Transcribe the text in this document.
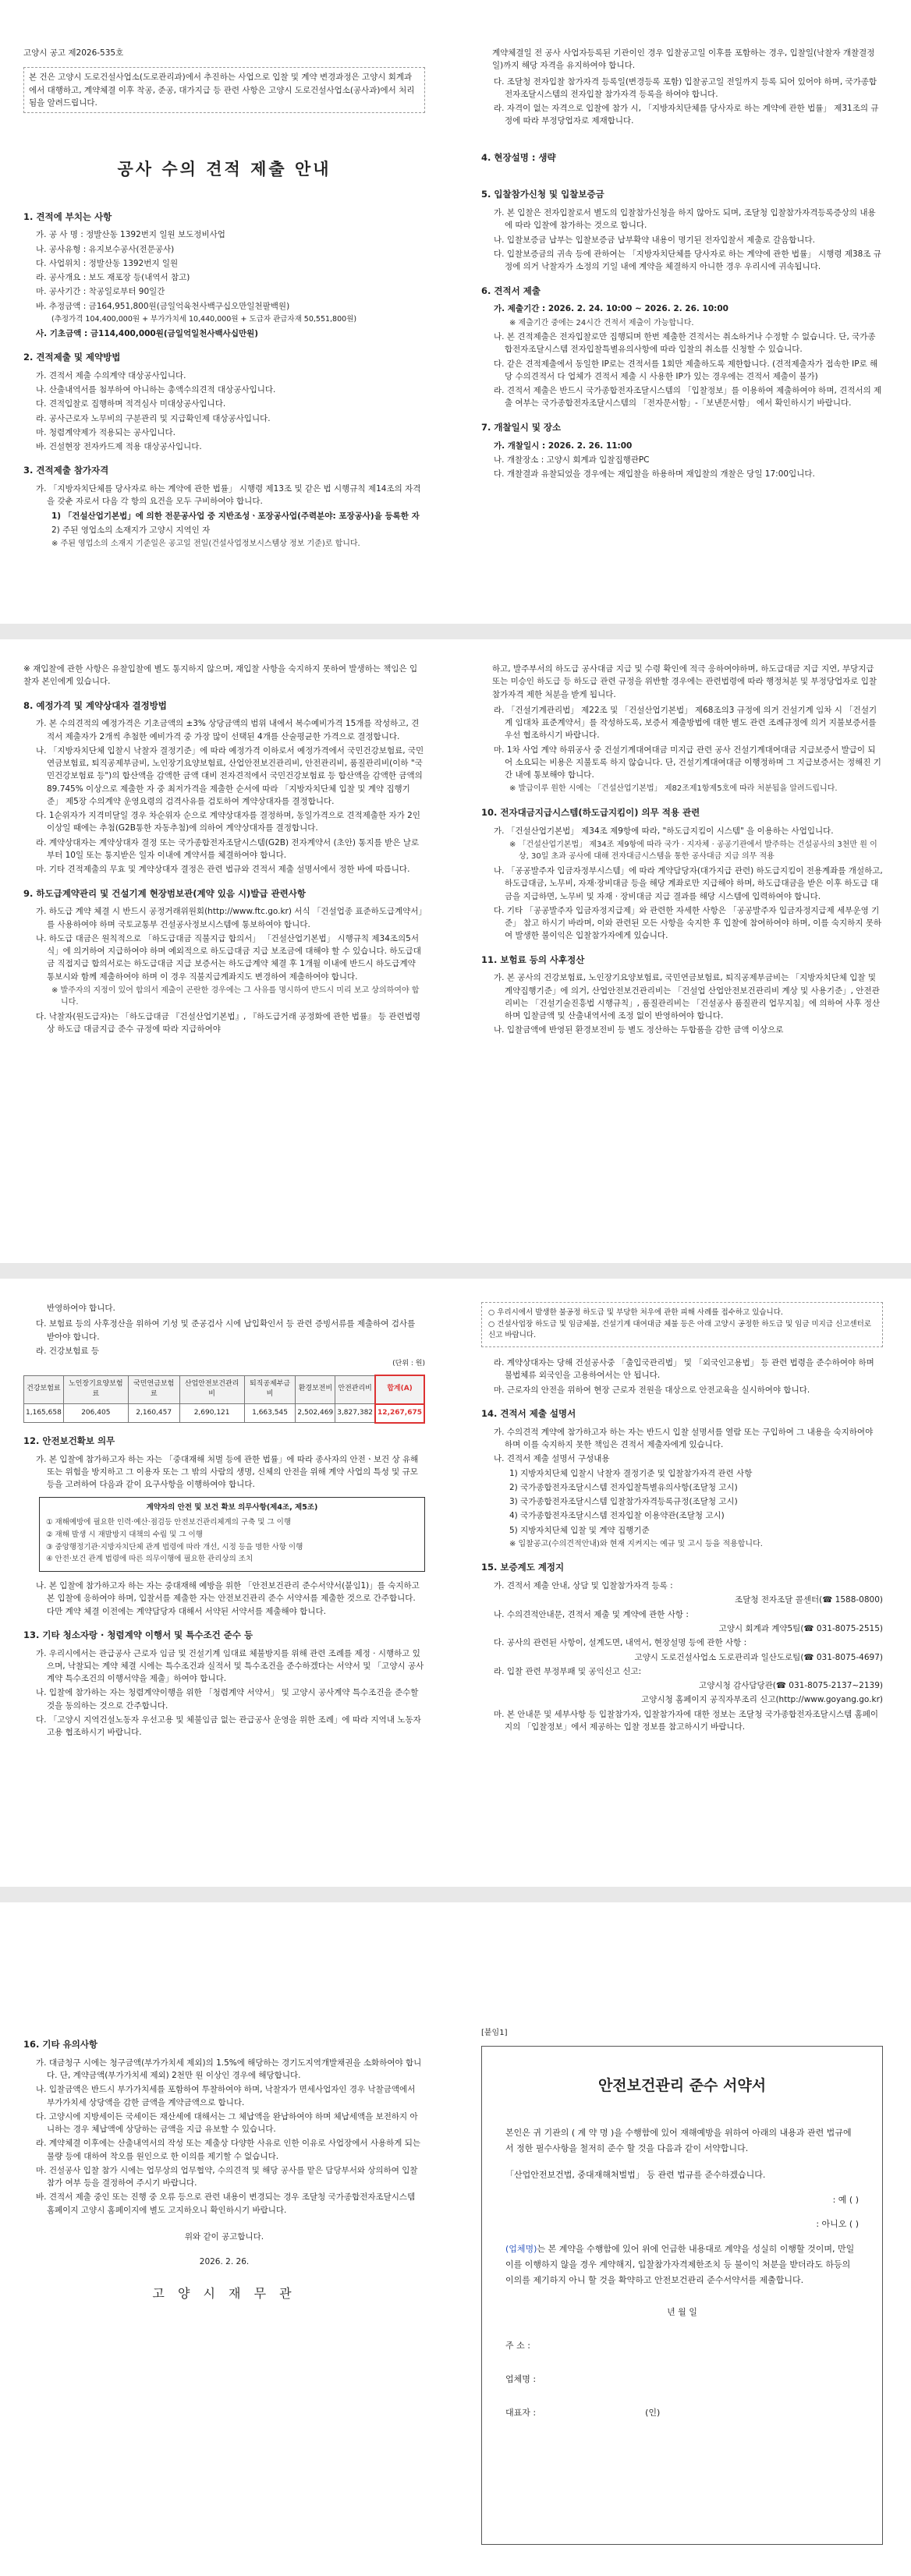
고양시 공고 제2026-535호
본 건은 고양시 도로건설사업소(도로관리과)에서 추진하는 사업으로 입찰 및 계약 변경과정은 고양시 회계과에서 대행하고, 계약체결 이후 착공, 준공, 대가지급 등 관련 사항은 고양시 도로건설사업소(공사과)에서 처리됨을 알려드립니다.
공사 수의 견적 제출 안내
1. 견적에 부치는 사항
가. 공 사 명 : 정발산동 1392번지 일원 보도정비사업
나. 공사유형 : 유지보수공사(전문공사)
다. 사업위치 : 정발산동 1392번지 일원
라. 공사개요 : 보도 재포장 등(내역서 참고)
마. 공사기간 : 착공일로부터 90일간
바. 추정금액 : 금164,951,800원(금일억육천사백구십오만일천팔백원)
(추정가격 104,400,000원 + 부가가치세 10,440,000원 + 도급자 관급자재 50,551,800원)
사. 기초금액 : 금114,400,000원(금일억일천사백사십만원)
2. 견적제출 및 제약방법
가. 견적서 제출 수의계약 대상공사입니다.
나. 산출내역서를 첨부하여 아니하는 총액수의견적 대상공사입니다.
다. 견적입찰로 집행하며 적격심사 미대상공사입니다.
라. 공사근로자 노무비의 구분관리 및 지급확인제 대상공사입니다.
마. 청렴계약제가 적용되는 공사입니다.
바. 건설현장 전자카드제 적용 대상공사입니다.
3. 견적제출 참가자격
가. 「지방자치단체를 당사자로 하는 계약에 관한 법률」 시행령 제13조 및 같은 법 시행규칙 제14조의 자격을 갖춘 자로서 다음 각 항의 요건을 모두 구비하여야 합니다.
1) 「건설산업기본법」에 의한 전문공사업 중 지반조성ㆍ포장공사업(주력분야: 포장공사)을 등록한 자
2) 주된 영업소의 소재지가 고양시 지역인 자
※ 주된 영업소의 소재지 기준일은 공고일 전일(건설사업정보시스템상 정보 기준)로 합니다.
계약체결일 전 공사 사업자등록된 기관이인 경우 입찰공고일 이후를 포함하는 경우, 입찰일(낙찰자 개찰결정일)까지 해당 자격을 유지하여야 합니다.
다. 조달청 전자입찰 참가자격 등록일(변경등록 포함) 입찰공고일 전일까지 등록 되어 있어야 하며, 국가종합전자조달시스템의 전자입찰 참가자격 등록을 하여야 합니다.
라. 자격이 없는 자격으로 입찰에 참가 시, 「지방자치단체를 당사자로 하는 계약에 관한 법률」 제31조의 규정에 따라 부정당업자로 제재합니다.
4. 현장설명 : 생략
5. 입찰참가신청 및 입찰보증금
가. 본 입찰은 전자입찰로서 별도의 입찰참가신청을 하지 않아도 되며, 조달청 입찰참가자격등록증상의 내용에 따라 입찰에 참가하는 것으로 합니다.
나. 입찰보증금 납부는 입찰보증금 납부확약 내용이 명기된 전자입찰서 제출로 갈음합니다.
다. 입찰보증금의 귀속 등에 관하여는 「지방자치단체를 당사자로 하는 계약에 관한 법률」 시행령 제38조 규정에 의거 낙찰자가 소정의 기일 내에 계약을 체결하지 아니한 경우 우리시에 귀속됩니다.
6. 견적서 제출
가. 제출기간 : 2026. 2. 24. 10:00 ~ 2026. 2. 26. 10:00
※ 제출기간 중에는 24시간 견적서 제출이 가능합니다.
나. 본 견적제출은 전자입찰로만 집행되며 한번 제출한 견적서는 취소하거나 수정할 수 없습니다. 단, 국가종합전자조달시스템 전자입찰특별유의사항에 따라 입찰의 취소를 신청할 수 있습니다.
다. 같은 견적제출에서 동일한 IP로는 견적서를 1회만 제출하도록 제한합니다. (견적제출자가 접속한 IP로 해당 수의견적서 다 업체가 견적서 제출 시 사용한 IP가 있는 경우에는 견적서 제출이 불가)
라. 견적서 제출은 반드시 국가종합전자조달시스템의 「입찰정보」를 이용하여 제출하여야 하며, 견적서의 제출 여부는 국가종합전자조달시스템의 「전자문서함」-「보낸문서함」 에서 확인하시기 바랍니다.
7. 개찰일시 및 장소
가. 개찰일시 : 2026. 2. 26. 11:00
나. 개찰장소 : 고양시 회계과 입찰집행관PC
다. 개찰결과 유찰되었을 경우에는 재입찰을 하용하며 재입찰의 개찰은 당일 17:00입니다.
※ 재입찰에 관한 사항은 유찰입찰에 별도 통지하지 않으며, 재입찰 사항을 숙지하지 못하여 발생하는 책임은 입찰자 본인에게 있습니다.
8. 예정가격 및 계약상대자 결정방법
가. 본 수의견적의 예정가격은 기초금액의 ±3% 상당금액의 범위 내에서 복수예비가격 15개를 작성하고, 견적서 제출자가 2개씩 추첨한 예비가격 중 가장 많이 선택된 4개를 산술평균한 가격으로 결정합니다.
나. 「지방자치단체 입찰시 낙찰자 결정기준」에 따라 예정가격 이하로서 예정가격에서 국민건강보험료, 국민연금보험료, 퇴직공제부금비, 노인장기요양보험료, 산업안전보건관리비, 안전관리비, 품질관리비(이하 "국민건강보험료 등")의 합산액을 감액한 금액 대비 전자견적에서 국민건강보험료 등 합산액을 감액한 금액의 89.745% 이상으로 제출한 자 중 최저가격을 제출한 순서에 따라 「지방자치단체 입찰 및 계약 집행기준」 제5장 수의계약 운영요령의 검격사유를 검토하여 계약상대자를 결정합니다.
다. 1순위자가 지격미달일 경우 차순위자 순으로 계약상대자를 결정하며, 동일가격으로 견적제출한 자가 2인 이상일 때에는 추첨(G2B통한 자동추첨)에 의하여 계약상대자를 결정합니다.
라. 계약상대자는 계약상대자 결정 또는 국가종합전자조달시스템(G2B) 전자계약서 (초안) 통지를 받은 날로부터 10일 또는 통지받은 일자 이내에 계약서를 체결하여야 합니다.
마. 기타 견적제출의 무효 및 계약상대자 결정은 관련 법규와 견적서 제출 설명서에서 정한 바에 따릅니다.
9. 하도급계약관리 및 건설기계 현장범보관(계약 있음 시)발급 관련사항
가. 하도급 계약 체결 시 반드시 공정거래위원회(http://www.ftc.go.kr) 서식 「건설업종 표준하도급계약서」를 사용하여야 하며 국토교통부 건설공사정보시스템에 통보하여야 합니다.
나. 하도급 대금은 원칙적으로 「하도급대금 직불지급 합의서」 「건설산업기본법」 시행규칙 제34조의5서식」에 의거하여 지급하여야 하며 예외적으로 하도급대금 지급 보조금에 대해야 할 수 있습니다. 하도급대금 직접지급 합의서로는 하도급대금 지급 보증서는 하도급계약 체결 후 1개월 이내에 반드시 하도급계약 통보시와 함께 제출하여야 하며 이 경우 직불지급계좌지도 변경하여 제출하여야 합니다.
※ 발주자의 지정이 있어 합의서 제출이 곤란한 경우에는 그 사유를 명시하여 반드시 미리 보고 상의하여야 합니다.
다. 낙찰자(원도급자)는 「하도급대금 『건설산업기본법』, 『하도급거래 공정화에 관한 법률』 등 관련법령상 하도급 대금지급 준수 규정에 따라 지급하여야
하고, 발주부서의 하도급 공사대금 지급 및 수령 확인에 적극 응하여야하며, 하도급대금 지급 지연, 부당지급 또는 미승인 하도급 등 하도급 관련 규정을 위반할 경우에는 관련법령에 따라 행정처분 및 부정당업자로 입찰참가자격 제한 처분을 받게 됩니다.
라. 「건설기계관리법」 제22조 및 「건설산업기본법」 제68조의3 규정에 의거 건설기계 임차 시 「건설기계 임대차 표준계약서」를 작성하도록, 보증서 제출방법에 대한 별도 관련 조례규정에 의거 지불보증서를 우선 협조하시기 바랍니다.
마. 1차 사업 계약 하위공사 중 건설기계대여대금 미지급 관련 공사 건설기계대여대금 지급보증서 발급이 되어 소요되는 비용은 지불토록 하지 않습니다. 단, 건설기계대여대금 이행정하며 그 지급보증서는 정해진 기간 내에 통보해야 합니다.
※ 발급이루 원한 시에는 「건설산업기본법」 제82조제1항제5호에 따라 처분됨을 알려드립니다.
10. 전자대금지급시스템(하도급지킴이) 의무 적용 관련
가. 「건설산업기본법」 제34조 제9항에 따라, "하도급지킴이 시스템" 을 이용하는 사업입니다.
※ 「건설산업기본법」 제34조 제9항에 따라 국가 · 지자체 · 공공기관에서 발주하는 건설공사의 3천만 원 이상, 30일 초과 공사에 대해 전자대금시스템을 통한 공사대금 지급 의무 적용
나. 「공공발주자 입금자정부시스템」에 따라 계약담당자(대가지급 관련) 하도급지킴이 전용계좌를 개설하고, 하도급대금, 노무비, 자재·장비대금 등을 해당 계좌로만 지급해야 하며, 하도급대금을 받은 이후 하도급 대금을 지급하면, 노무비 및 자재 · 장비대금 지급 결과를 해당 시스템에 입력하여야 합니다.
다. 기타 「공공발주자 입금자정지급제」와 관련한 자세한 사항은 「공공발주자 입금자정지급제 세부운영 기준」 참고 하시기 바라며, 이와 관련된 모든 사항을 숙지한 후 입찰에 참여하여야 하며, 이를 숙지하지 못하여 발생한 불이익은 입찰참가자에게 있습니다.
11. 보험료 등의 사후정산
가. 본 공사의 건강보험료, 노인장기요양보험료, 국민연금보험료, 퇴직공제부금비는 「지방자치단체 입찰 및 계약집행기준」에 의거, 산업안전보건관리비는 「건설업 산업안전보건관리비 계상 및 사용기준」, 안전관리비는 「건설기술진흥법 시행규칙」, 품질관리비는 「건설공사 품질관리 업무지침」에 의하여 사후 정산하며 입찰금액 및 산출내역서에 조정 없이 반영하여야 합니다.
나. 입찰금액에 반영된 환경보전비 등 별도 정산하는 두합품을 감한 금액 이상으로
반영하여야 합니다.
다. 보험료 등의 사후정산을 위하여 기성 및 준공검사 시에 납입확인서 등 관련 증빙서류를 제출하여 검사를 받아야 합니다.
라. 건강보험료 등
(단위 : 원)
건강보험료	노인장기요양보험료	국민연금보험료	산업안전보건관리비	퇴직공제부금비	환경보전비	안전관리비	합계(A)
1,165,658	206,405	2,160,457	2,690,121	1,663,545	2,502,469	3,827,382	12,267,675
12. 안전보건확보 의무
가. 본 입찰에 참가하고자 하는 자는 「중대재해 처벌 등에 관한 법률」에 따라 종사자의 안전ㆍ보건 상 유해 또는 위험을 방지하고 그 이용자 또는 그 밖의 사람의 생명, 신체의 안전을 위해 계약 사업의 특성 및 규모 등을 고려하여 다음과 같이 요구사항을 이행하여야 합니다.
계약자의 안전 및 보건 확보 의무사항(제4조, 제5조)
① 재해예방에 필요한 인력·예산·점검등 안전보건관리체계의 구축 및 그 이행
② 재해 발생 시 재발방지 대책의 수립 및 그 이행
③ 중앙행정기관·지방자치단체 관계 법령에 따라 개선, 시정 등을 명한 사항 이행
④ 안전·보건 관계 법령에 따른 의무이행에 필요한 관리상의 조치
나. 본 입찰에 참가하고자 하는 자는 중대재해 예방을 위한 「안전보건관리 준수서약서(붙임1)」를 숙지하고 본 입찰에 응하여야 하며, 입찰서를 제출한 자는 안전보건관리 준수 서약서를 제출한 것으로 간주합니다. 다만 계약 체결 이전에는 계약담당자 대해서 서약된 서약서를 제출해야 합니다.
13. 기타 청소자랑 · 청렴계약 이행서 및 특수조건 준수 등
가. 우리시에서는 관급공사 근로자 임금 및 건설기계 임대료 체불방지를 위해 관련 조례를 제정 · 시행하고 있으며, 낙찰되는 계약 체결 시에는 특수조건과 실적서 및 특수조건을 준수하겠다는 서약서 및 「고양시 공사계약 특수조건의 이행서약을 제출」하여야 합니다.
나. 입찰에 참가하는 자는 청렴계약이행을 위한 「청렴계약 서약서」 및 고양시 공사계약 특수조건을 준수할 것을 동의하는 것으로 간주합니다.
다. 「고양시 지역건설노동자 우선고용 및 체불임금 없는 관급공사 운영을 위한 조례」에 따라 지역내 노동자 고용 협조하시기 바랍니다.
○ 우리시에서 발생한 불공정 하도급 및 부당한 처우에 관한 피해 사례를 접수하고 있습니다.
○ 건설사업장 하도급 및 임금체불, 건설기계 대여대금 체불 등은 아래 고양시 공정한 하도급 및 임금 미지급 신고센터로 신고 바랍니다.
라. 계약상대자는 당해 건설공사중 「출입국관리법」 및 「외국인고용법」 등 관련 법령을 준수하여야 하며 불법체류 외국인을 고용하여서는 안 됩니다.
마. 근로자의 안전을 위하여 현장 근로자 전원을 대상으로 안전교육을 실시하여야 합니다.
14. 견적서 제출 설명서
가. 수의견적 계약에 참가하고자 하는 자는 반드시 입찰 설명서를 열람 또는 구입하여 그 내용을 숙지하여야 하며 이를 숙지하지 못한 책임은 견적서 제출자에게 있습니다.
나. 견적서 제출 설명서 구성내용
1) 지방자치단체 입찰시 낙찰자 결정기준 및 입찰참가자격 관련 사항
2) 국가종합전자조달시스템 전자입찰특별유의사항(조달청 고시)
3) 국가종합전자조달시스템 입찰참가자격등록규정(조달청 고시)
4) 국가종합전자조달시스템 전자입찰 이용약관(조달청 고시)
5) 지방자치단체 입찰 및 계약 집행기준
※ 입찰공고(수의견적안내)와 현재 지켜지는 예규 및 고시 등을 적용합니다.
15. 보증계도 계정지
가. 견적서 제출 안내, 상담 및 입찰참가자격 등록 :
조달청 전자조달 콜센터(☎ 1588-0800)
나. 수의견적안내문, 견적서 제출 및 계약에 관한 사항 :
고양시 회계과 계약5팀(☎ 031-8075-2515)
다. 공사의 관련된 사항이, 설계도면, 내역서, 현장설명 등에 관한 사항 :
고양시 도로건설사업소 도로관리과 일산도로팀(☎ 031-8075-4697)
라. 입찰 관련 부정부패 및 공익신고 신고:
고양시청 감사담당관(☎ 031-8075-2137~2139)
고양시청 홈페이지 공직자부조리 신고(http://www.goyang.go.kr)
마. 본 안내문 및 세부사항 등 입찰참가자, 입찰참가자에 대한 정보는 조달청 국가종합전자조달시스템 홈페이지의 「입찰정보」에서 제공하는 입찰 정보를 참고하시기 바랍니다.
16. 기타 유의사항
가. 대금청구 시에는 청구금액(부가가치세 제외)의 1.5%에 해당하는 경기도지역개발채권을 소화하여야 합니다. 단, 계약금액(부가가치세 제외) 2천만 원 이상인 경우에 해당합니다.
나. 입찰금액은 반드시 부가가치세를 포함하여 투찰하여야 하며, 낙찰자가 면세사업자인 경우 낙찰금액에서 부가가치세 상당액을 감한 금액을 계약금액으로 합니다.
다. 고양시에 지방세이든 국세이든 재산세에 대해서는 그 체납액을 완납하여야 하며 체납세액을 보전하지 아니하는 경우 체납액에 상당하는 금액을 지급 유보할 수 있습니다.
라. 계약체결 이후에는 산출내역서의 작성 또는 제출상 다양한 사유로 인한 이유로 사업장에서 사용하게 되는 물량 등에 대하여 착오를 원인으로 한 이의를 제기할 수 없습니다.
마. 건설공사 입찰 참가 시에는 업무상의 업무협약, 수의견적 및 해당 공사를 맡은 담당부서와 상의하여 입찰참가 여부 등을 결정하여 주시기 바랍니다.
바. 견적서 제출 중인 또는 진행 중 오류 등으로 관련 내용이 변경되는 경우 조달청 국가종합전자조달시스템 홈페이지 고양시 홈페이지에 별도 고지하오니 확인하시기 바랍니다.
위와 같이 공고합니다.
2026. 2. 26.
고 양 시 재 무 관
[붙임1]
안전보건관리 준수 서약서

본인은 귀 기관의 ( 계 약 명 )을 수행함에 있어 재해예방을 위하여 아래의 내용과 관련 법규에서 정한 필수사항을 철저히 준수 할 것을 다음과 같이 서약합니다.

「산업안전보건법, 중대재해처벌법」 등 관련 법규를 준수하겠습니다.

: 예 ( )
: 아니오 ( )

(업체명)는 본 계약을 수행함에 있어 위에 언급한 내용대로 계약을 성실히 이행할 것이며, 만일 이를 이행하지 않을 경우 계약해지, 입찰참가자격제한조치 등 불이익 처분을 받더라도 하등의 이의를 제기하지 아니 할 것을 확약하고 안전보건관리 준수서약서를 제출합니다.

년 월 일
주 소 :
업체명 :
대표자 :	(인)
